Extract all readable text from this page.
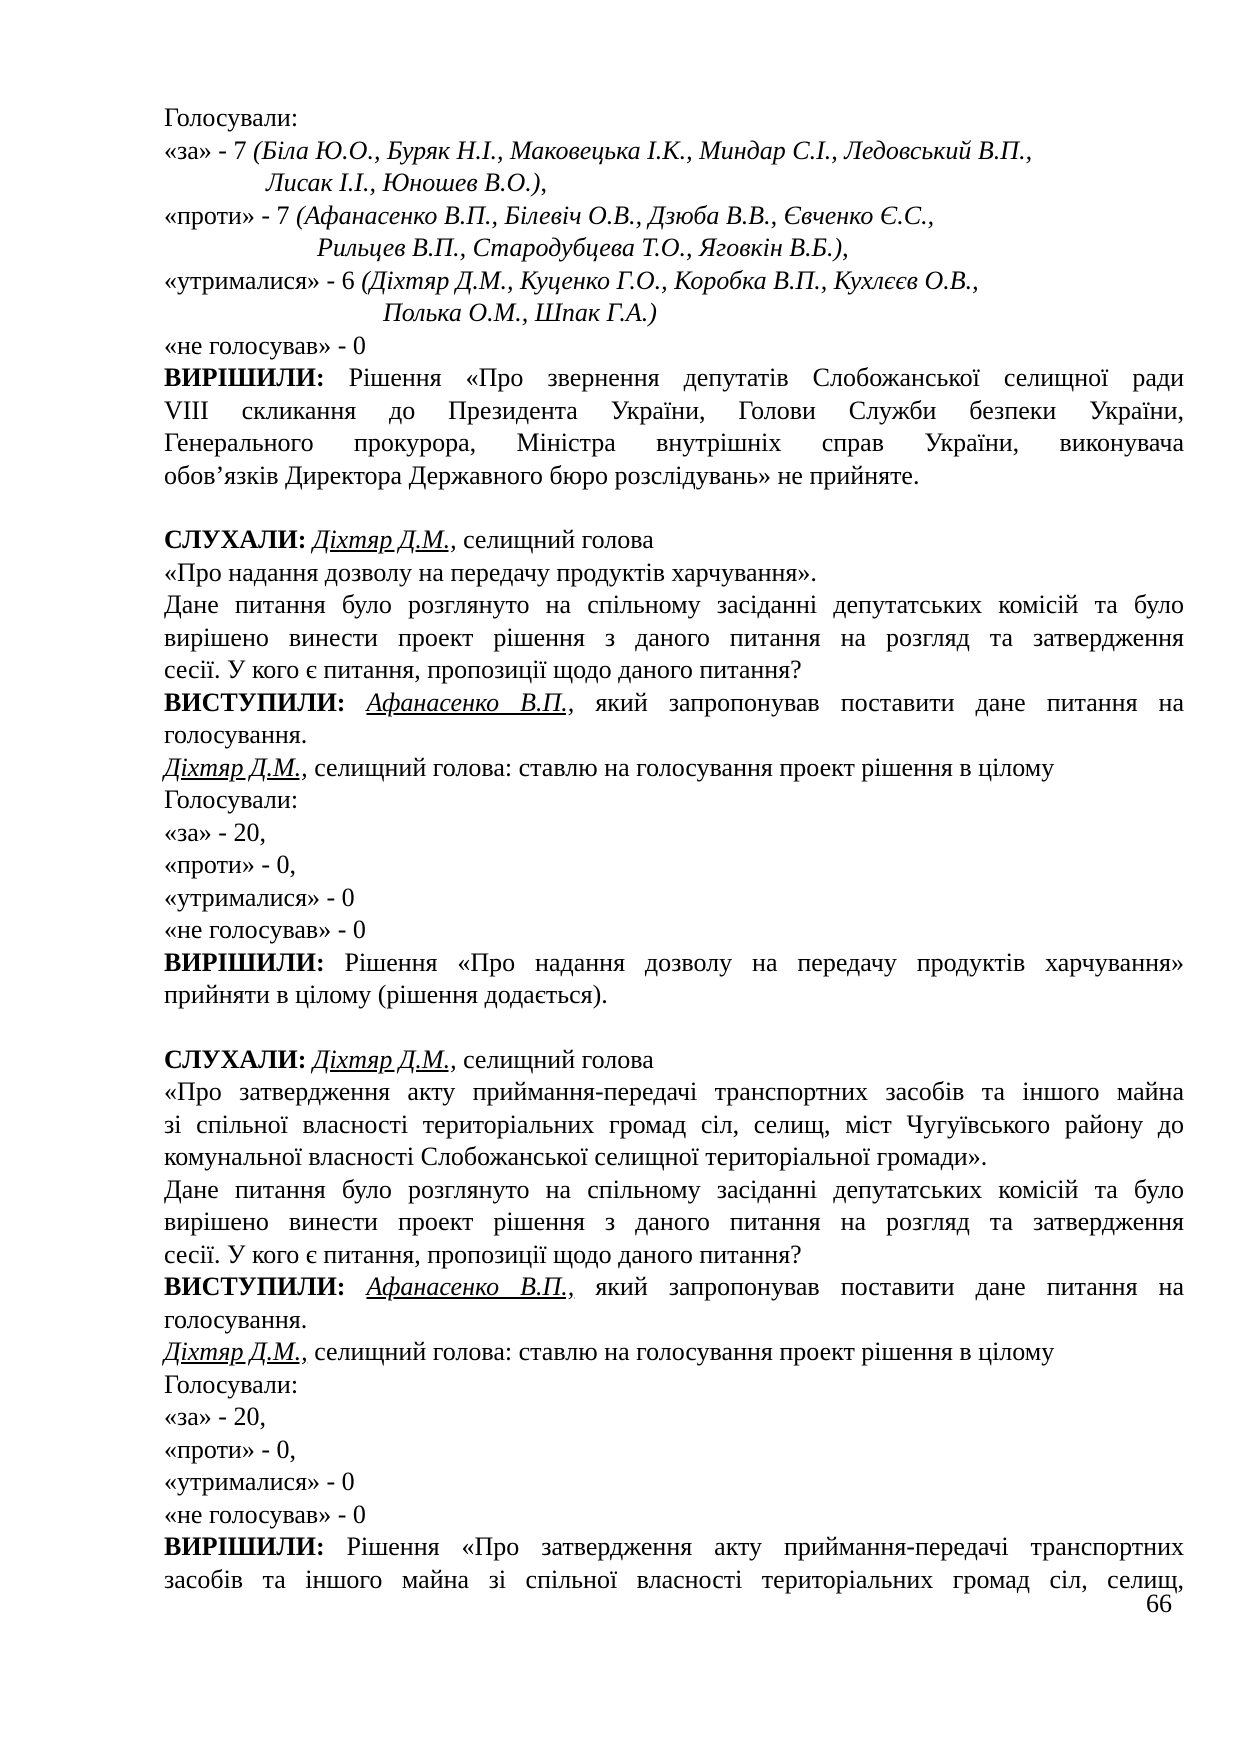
Голосували:
«за» - 7 (Біла Ю.О., Буряк Н.І., Маковецька І.К., Миндар С.І., Ледовський В.П.,
Лисак І.І., Юношев В.О.),
«проти» - 7 (Афанасенко В.П., Білевіч О.В., Дзюба В.В., Євченко Є.С.,
Рильцев В.П., Стародубцева Т.О., Яговкін В.Б.),
«утрималися» - 6 (Діхтяр Д.М., Куценко Г.О., Коробка В.П., Кухлєєв О.В.,
Полька О.М., Шпак Г.А.)
«не голосував» - 0
ВИРІШИЛИ: Рішення «Про звернення депутатів Слобожанської селищної ради
VIII скликання до Президента України, Голови Служби безпеки України,
Генерального прокурора, Міністра внутрішніх справ України, виконувача
обов’язків Директора Державного бюро розслідувань» не прийняте.
СЛУХАЛИ: Діхтяр Д.М., селищний голова
«Про надання дозволу на передачу продуктів харчування».
Дане питання було розглянуто на спільному засіданні депутатських комісій та було
вирішено винести проект рішення з даного питання на розгляд та затвердження
сесії. У кого є питання, пропозиції щодо даного питання?
ВИСТУПИЛИ: Афанасенко В.П., який запропонував поставити дане питання на
голосування.
Діхтяр Д.М., селищний голова: ставлю на голосування проект рішення в цілому
Голосували:
«за» - 20,
«проти» - 0,
«утрималися» - 0
«не голосував» - 0
ВИРІШИЛИ: Рішення «Про надання дозволу на передачу продуктів харчування»
прийняти в цілому (рішення додається).
СЛУХАЛИ: Діхтяр Д.М., селищний голова
«Про затвердження акту приймання-передачі транспортних засобів та іншого майна
зі спільної власності територіальних громад сіл, селищ, міст Чугуївського району до
комунальної власності Слобожанської селищної територіальної громади».
Дане питання було розглянуто на спільному засіданні депутатських комісій та було
вирішено винести проект рішення з даного питання на розгляд та затвердження
сесії. У кого є питання, пропозиції щодо даного питання?
ВИСТУПИЛИ: Афанасенко В.П., який запропонував поставити дане питання на
голосування.
Діхтяр Д.М., селищний голова: ставлю на голосування проект рішення в цілому
Голосували:
«за» - 20,
«проти» - 0,
«утрималися» - 0
«не голосував» - 0
ВИРІШИЛИ: Рішення «Про затвердження акту приймання-передачі транспортних
засобів та іншого майна зі спільної власності територіальних громад сіл, селищ,
66
